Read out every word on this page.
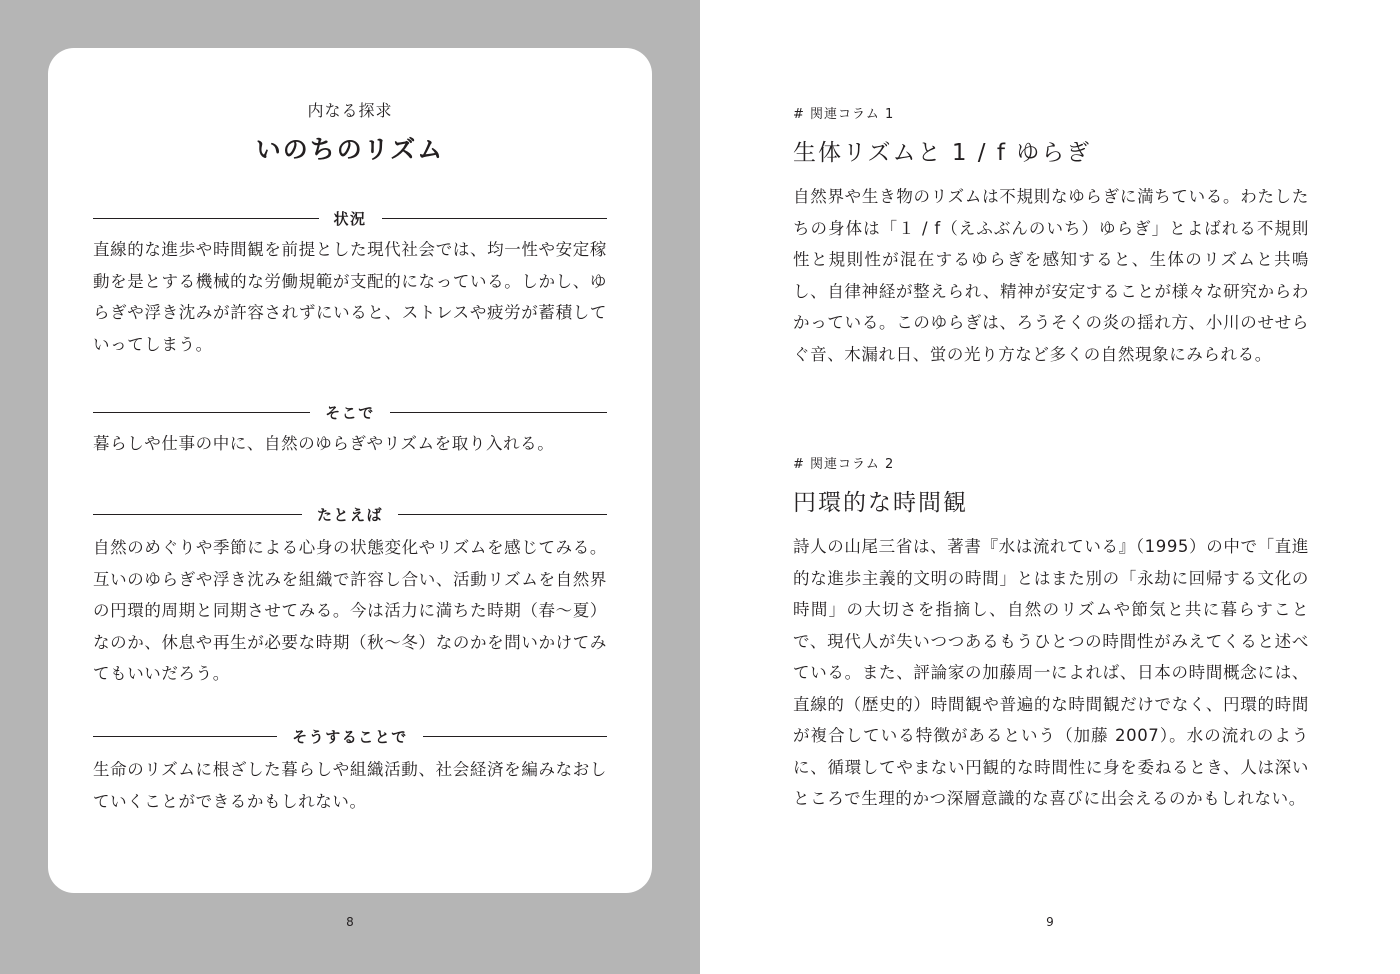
内なる探求
いのちのリズム
状況

直線的な進歩や時間観を前提とした現代社会では、均一性や安定稼動を是とする機械的な労働規範が支配的になっている。しかし、ゆらぎや浮き沈みが許容されずにいると、ストレスや疲労が蓄積していってしまう。

そこで

暮らしや仕事の中に、自然のゆらぎやリズムを取り入れる。

たとえば

自然のめぐりや季節による心身の状態変化やリズムを感じてみる。互いのゆらぎや浮き沈みを組織で許容し合い、活動リズムを自然界の円環的周期と同期させてみる。今は活力に満ちた時期（春〜夏）なのか、休息や再生が必要な時期（秋〜冬）なのかを問いかけてみてもいいだろう。

そうすることで

生命のリズムに根ざした暮らしや組織活動、社会経済を編みなおしていくことができるかもしれない。

8
# 関連コラム 1
生体リズムと 1 / f ゆらぎ

自然界や生き物のリズムは不規則なゆらぎに満ちている。わたしたちの身体は「１ / f（えふぶんのいち）ゆらぎ」とよばれる不規則性と規則性が混在するゆらぎを感知すると、生体のリズムと共鳴し、自律神経が整えられ、精神が安定することが様々な研究からわかっている。このゆらぎは、ろうそくの炎の揺れ方、小川のせせらぐ音、木漏れ日、蛍の光り方など多くの自然現象にみられる。

# 関連コラム 2
円環的な時間観

詩人の山尾三省は、著書『水は流れている』（1995）の中で「直進的な進歩主義的文明の時間」とはまた別の「永劫に回帰する文化の時間」の大切さを指摘し、自然のリズムや節気と共に暮らすことで、現代人が失いつつあるもうひとつの時間性がみえてくると述べている。また、評論家の加藤周一によれば、日本の時間概念には、直線的（歴史的）時間観や普遍的な時間観だけでなく、円環的時間が複合している特徴があるという（加藤 2007）。水の流れのように、循環してやまない円観的な時間性に身を委ねるとき、人は深いところで生理的かつ深層意識的な喜びに出会えるのかもしれない。

9
